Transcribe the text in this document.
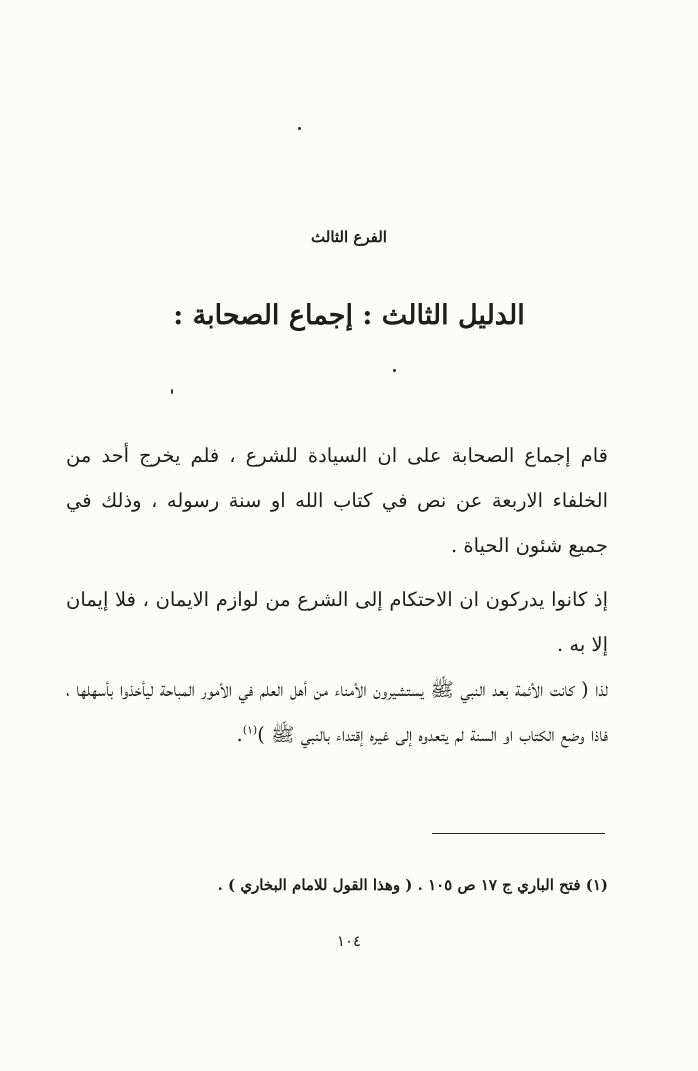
الفرع الثالث
الدليل الثالث : إجماع الصحابة :
قام إجماع الصحابة على ان السيادة للشرع ، فلم يخرج أحد من الخلفاء الاربعة عن نص في كتاب الله او سنة رسوله ، وذلك في جميع شئون الحياة .
إذ كانوا يدركون ان الاحتكام إلى الشرع من لوازم الايمان ، فلا إيمان إلا به .
لذا ( كانت الأئمة بعد النبي ﷺ يستشيرون الأمناء من أهل العلم في الأمور المباحة ليأخذوا بأسهلها ، فاذا وضع الكتاب او السنة لم يتعدوه إلى غيره إقتداء بالنبي ﷺ )$^{(١)}$.
(١) فتح الباري ج ١٧ ص ١٠٥ . ( وهذا القول للامام البخاري ) .
١٠٤
